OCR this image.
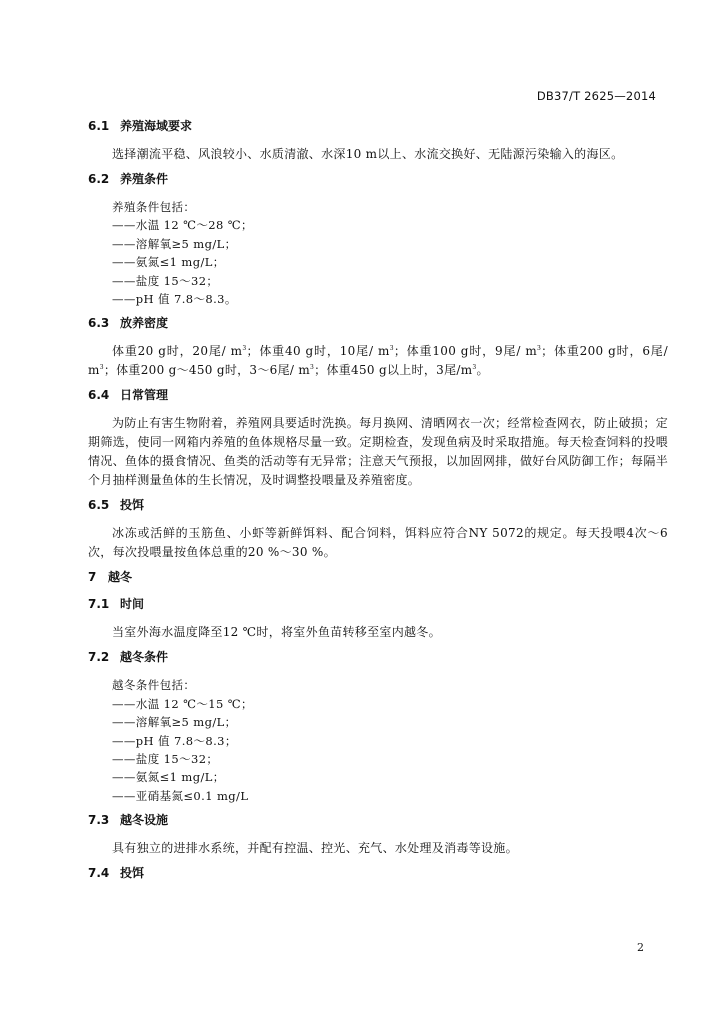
DB37/T 2625—2014
6.1 养殖海域要求
选择潮流平稳、风浪较小、水质清澈、水深10 m以上、水流交换好、无陆源污染输入的海区。
6.2 养殖条件
养殖条件包括：
——水温 12 ℃～28 ℃；
——溶解氧≥5 mg/L；
——氨氮≤1 mg/L；
——盐度 15～32；
——pH 值 7.8～8.3。
6.3 放养密度
体重20 g时，20尾/ $m^3$；体重40 g时，10尾/ $m^3$；体重100 g时，9尾/ $m^3$；体重200 g时，6尾/ $m^3$；体重200 g～450 g时，3～6尾/ $m^3$；体重450 g以上时，3尾$/m^3$。
6.4 日常管理
为防止有害生物附着，养殖网具要适时洗换。每月换网、清晒网衣一次；经常检查网衣，防止破损；定期筛选，使同一网箱内养殖的鱼体规格尽量一致。定期检查，发现鱼病及时采取措施。每天检查饲料的投喂情况、鱼体的摄食情况、鱼类的活动等有无异常；注意天气预报，以加固网排，做好台风防御工作；每隔半个月抽样测量鱼体的生长情况，及时调整投喂量及养殖密度。
6.5 投饵
冰冻或活鲜的玉筋鱼、小虾等新鲜饵料、配合饲料，饵料应符合NY 5072的规定。每天投喂4次～6次，每次投喂量按鱼体总重的20 %～30 %。
7 越冬
7.1 时间
当室外海水温度降至12 ℃时，将室外鱼苗转移至室内越冬。
7.2 越冬条件
越冬条件包括：
——水温 12 ℃～15 ℃；
——溶解氧≥5 mg/L；
——pH 值 7.8～8.3；
——盐度 15～32；
——氨氮≤1 mg/L；
——亚硝基氮≤0.1 mg/L
7.3 越冬设施
具有独立的进排水系统，并配有控温、控光、充气、水处理及消毒等设施。
7.4 投饵
2
